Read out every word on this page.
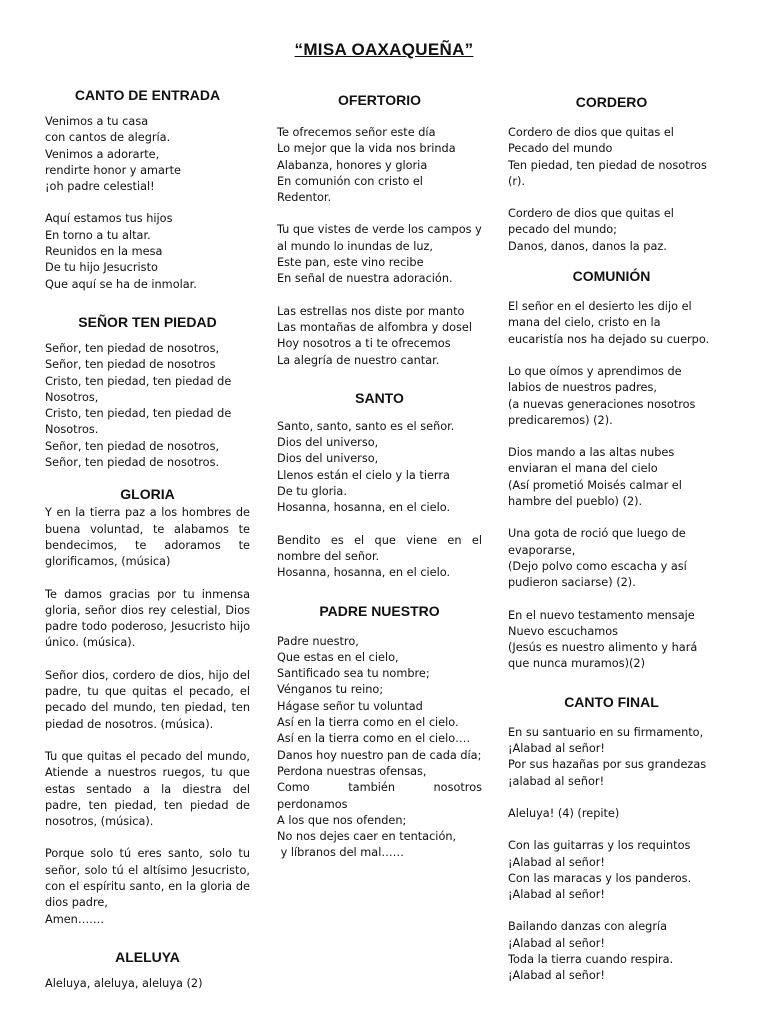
“MISA OAXAQUEÑA”
CANTO DE ENTRADA
Venimos a tu casa
con cantos de alegría.
Venimos a adorarte,
rendirte honor y amarte
¡oh padre celestial!
Aquí estamos tus hijos
En torno a tu altar.
Reunidos en la mesa
De tu hijo Jesucristo
Que aquí se ha de inmolar.
SEÑOR TEN PIEDAD
Señor, ten piedad de nosotros,
Señor, ten piedad de nosotros
Cristo, ten piedad, ten piedad de
Nosotros,
Cristo, ten piedad, ten piedad de
Nosotros.
Señor, ten piedad de nosotros,
Señor, ten piedad de nosotros.
GLORIA
Y en la tierra paz a los hombres de buena voluntad, te alabamos te bendecimos, te adoramos te glorificamos, (música)
Te damos gracias por tu inmensa gloria, señor dios rey celestial, Dios padre todo poderoso, Jesucristo hijo único. (música).
Señor dios, cordero de dios, hijo del padre, tu que quitas el pecado, el pecado del mundo, ten piedad, ten piedad de nosotros. (música).
Tu que quitas el pecado del mundo, Atiende a nuestros ruegos, tu que estas sentado a la diestra del padre, ten piedad, ten piedad de nosotros, (música).
Porque solo tú eres santo, solo tu señor, solo tú el altísimo Jesucristo, con el espíritu santo, en la gloria de dios padre,
Amen…….
ALELUYA
Aleluya, aleluya, aleluya (2)
OFERTORIO
Te ofrecemos señor este día
Lo mejor que la vida nos brinda
Alabanza, honores y gloria
En comunión con cristo el
Redentor.
Tu que vistes de verde los campos y
al mundo lo inundas de luz,
Este pan, este vino recibe
En señal de nuestra adoración.
Las estrellas nos diste por manto
Las montañas de alfombra y dosel
Hoy nosotros a ti te ofrecemos
La alegría de nuestro cantar.
SANTO
Santo, santo, santo es el señor.
Dios del universo,
Dios del universo,
Llenos están el cielo y la tierra
De tu gloria.
Hosanna, hosanna, en el cielo.
Bendito es el que viene en el nombre del señor.
Hosanna, hosanna, en el cielo.
PADRE NUESTRO
Padre nuestro,
Que estas en el cielo,
Santificado sea tu nombre;
Vénganos tu reino;
Hágase señor tu voluntad
Así en la tierra como en el cielo.
Así en la tierra como en el cielo….
Danos hoy nuestro pan de cada día;
Perdona nuestras ofensas,
Como también nosotros perdonamos
A los que nos ofenden;
No nos dejes caer en tentación,
y líbranos del mal……
CORDERO
Cordero de dios que quitas el
Pecado del mundo
Ten piedad, ten piedad de nosotros
(r).
Cordero de dios que quitas el
pecado del mundo;
Danos, danos, danos la paz.
COMUNIÓN
El señor en el desierto les dijo el
mana del cielo, cristo en la
eucaristía nos ha dejado su cuerpo.
Lo que oímos y aprendimos de
labios de nuestros padres,
(a nuevas generaciones nosotros
predicaremos) (2).
Dios mando a las altas nubes
enviaran el mana del cielo
(Así prometió Moisés calmar el
hambre del pueblo) (2).
Una gota de roció que luego de
evaporarse,
(Dejo polvo como escacha y así
pudieron saciarse) (2).
En el nuevo testamento mensaje
Nuevo escuchamos
(Jesús es nuestro alimento y hará
que nunca muramos)(2)
CANTO FINAL
En su santuario en su firmamento,
¡Alabad al señor!
Por sus hazañas por sus grandezas
¡alabad al señor!
Aleluya! (4) (repite)
Con las guitarras y los requintos
¡Alabad al señor!
Con las maracas y los panderos.
¡Alabad al señor!
Bailando danzas con alegría
¡Alabad al señor!
Toda la tierra cuando respira.
¡Alabad al señor!
